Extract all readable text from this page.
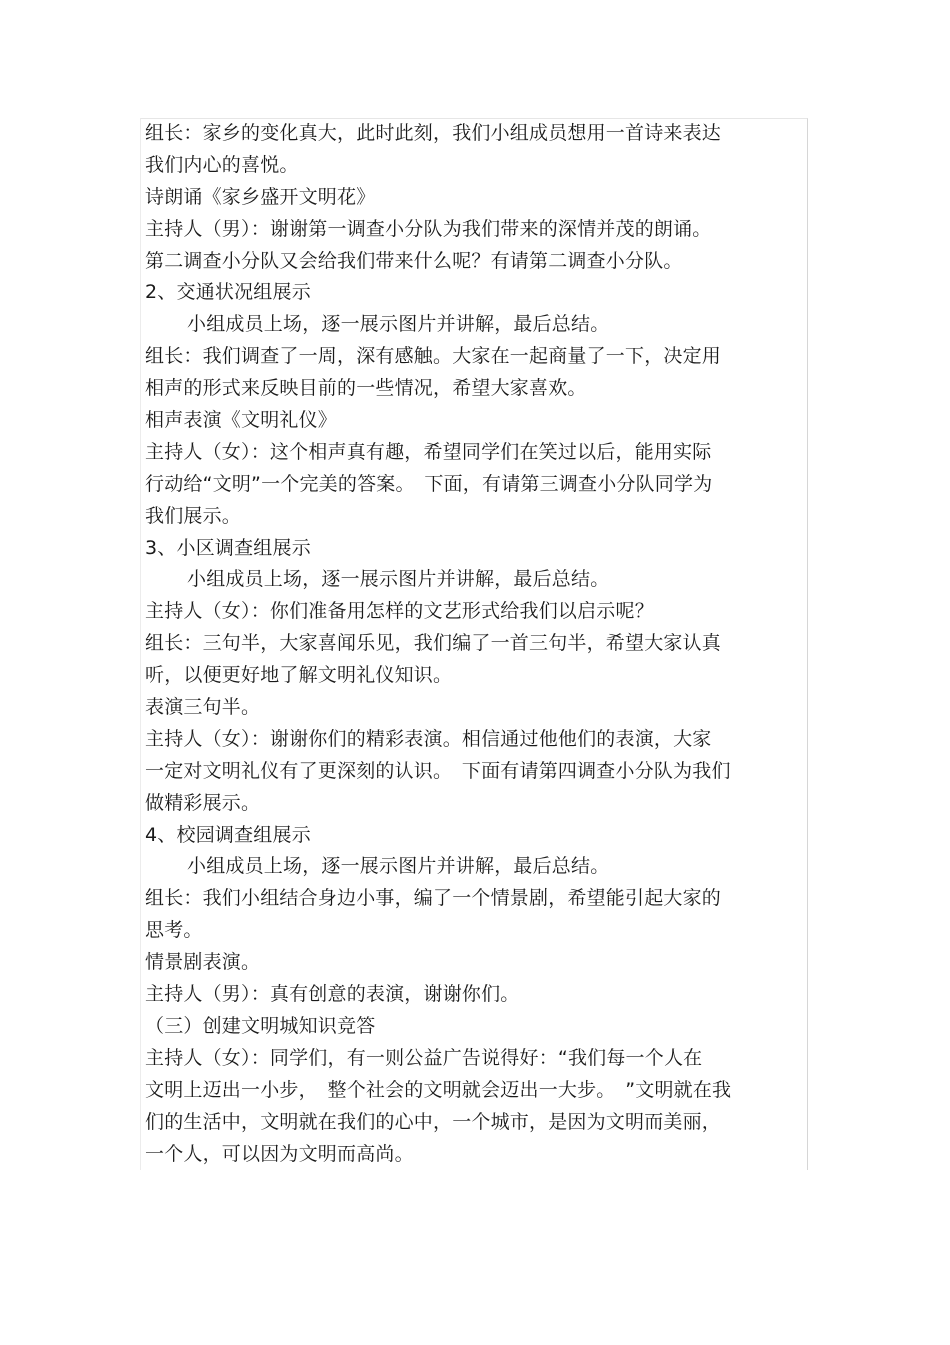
组长：家乡的变化真大，此时此刻，我们小组成员想用一首诗来表达
我们内心的喜悦。
诗朗诵《家乡盛开文明花》
主持人（男）：谢谢第一调查小分队为我们带来的深情并茂的朗诵。
第二调查小分队又会给我们带来什么呢？有请第二调查小分队。
2、交通状况组展示
小组成员上场，逐一展示图片并讲解，最后总结。
组长：我们调查了一周，深有感触。大家在一起商量了一下，决定用
相声的形式来反映目前的一些情况，希望大家喜欢。
相声表演《文明礼仪》
主持人（女）：这个相声真有趣，希望同学们在笑过以后，能用实际
行动给“文明”一个完美的答案。　下面，有请第三调查小分队同学为
我们展示。
3、小区调查组展示
小组成员上场，逐一展示图片并讲解，最后总结。
主持人（女）：你们准备用怎样的文艺形式给我们以启示呢？
组长：三句半，大家喜闻乐见，我们编了一首三句半，希望大家认真
听，以便更好地了解文明礼仪知识。
表演三句半。
主持人（女）：谢谢你们的精彩表演。相信通过他他们的表演，大家
一定对文明礼仪有了更深刻的认识。　下面有请第四调查小分队为我们
做精彩展示。
4、校园调查组展示
小组成员上场，逐一展示图片并讲解，最后总结。
组长：我们小组结合身边小事，编了一个情景剧，希望能引起大家的
思考。
情景剧表演。
主持人（男）：真有创意的表演，谢谢你们。
（三）创建文明城知识竞答
主持人（女）：同学们，有一则公益广告说得好：“我们每一个人在
文明上迈出一小步，　整个社会的文明就会迈出一大步。　”文明就在我
们的生活中，文明就在我们的心中，一个城市，是因为文明而美丽，
一个人，可以因为文明而高尚。
